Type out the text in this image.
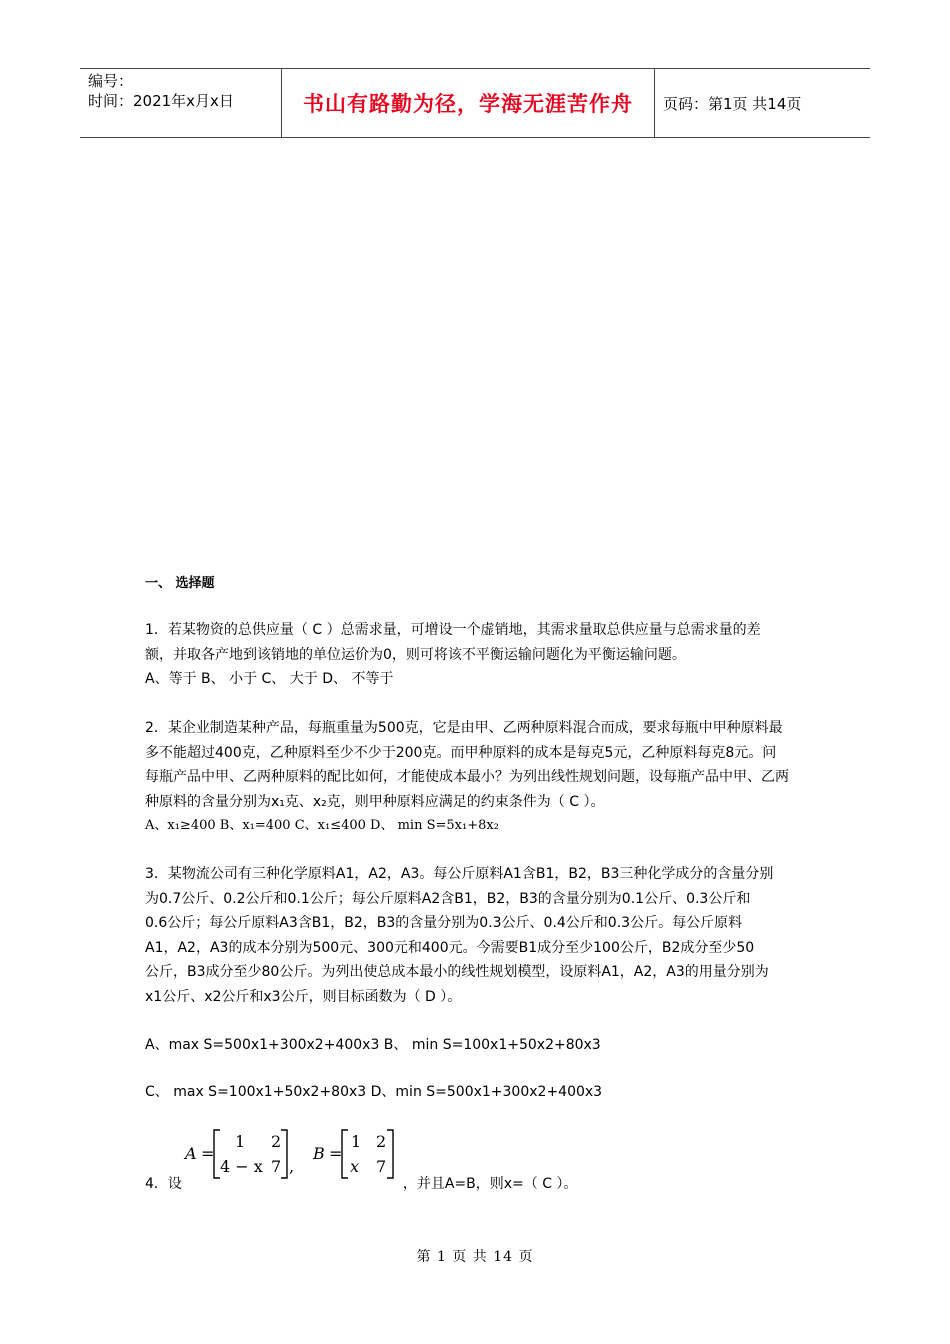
编号：
时间：2021年x月x日	书山有路勤为径，学海无涯苦作舟	页码：第1页 共14页
一、 选择题
1．若某物资的总供应量（ C ）总需求量，可增设一个虚销地，其需求量取总供应量与总需求量的差
额，并取各产地到该销地的单位运价为0，则可将该不平衡运输问题化为平衡运输问题。
A、等于 B、 小于 C、 大于 D、 不等于
2．某企业制造某种产品，每瓶重量为500克，它是由甲、乙两种原料混合而成，要求每瓶中甲种原料最
多不能超过400克，乙种原料至少不少于200克。而甲种原料的成本是每克5元，乙种原料每克8元。问
每瓶产品中甲、乙两种原料的配比如何，才能使成本最小？为列出线性规划问题，设每瓶产品中甲、乙两
种原料的含量分别为x₁克、x₂克，则甲种原料应满足的约束条件为（ C ）。
A、x₁≥400 B、x₁=400 C、x₁≤400 D、 min S=5x₁+8x₂
3．某物流公司有三种化学原料A1，A2，A3。每公斤原料A1含B1，B2，B3三种化学成分的含量分别
为0.7公斤、0.2公斤和0.1公斤；每公斤原料A2含B1，B2，B3的含量分别为0.1公斤、0.3公斤和
0.6公斤；每公斤原料A3含B1，B2，B3的含量分别为0.3公斤、0.4公斤和0.3公斤。每公斤原料
A1，A2，A3的成本分别为500元、300元和400元。今需要B1成分至少100公斤，B2成分至少50
公斤，B3成分至少80公斤。为列出使总成本最小的线性规划模型，设原料A1，A2，A3的用量分别为
x1公斤、x2公斤和x3公斤，则目标函数为（ D ）。
A、max S=500x1+300x2+400x3 B、 min S=100x1+50x2+80x3
C、 max S=100x1+50x2+80x3 D、min S=500x1+300x2+400x3
A =
1 2
4 − x 7 ,
B =
1 2
x 7
4．设	，并且A=B，则x=（ C ）。
第 1 页 共 14 页
